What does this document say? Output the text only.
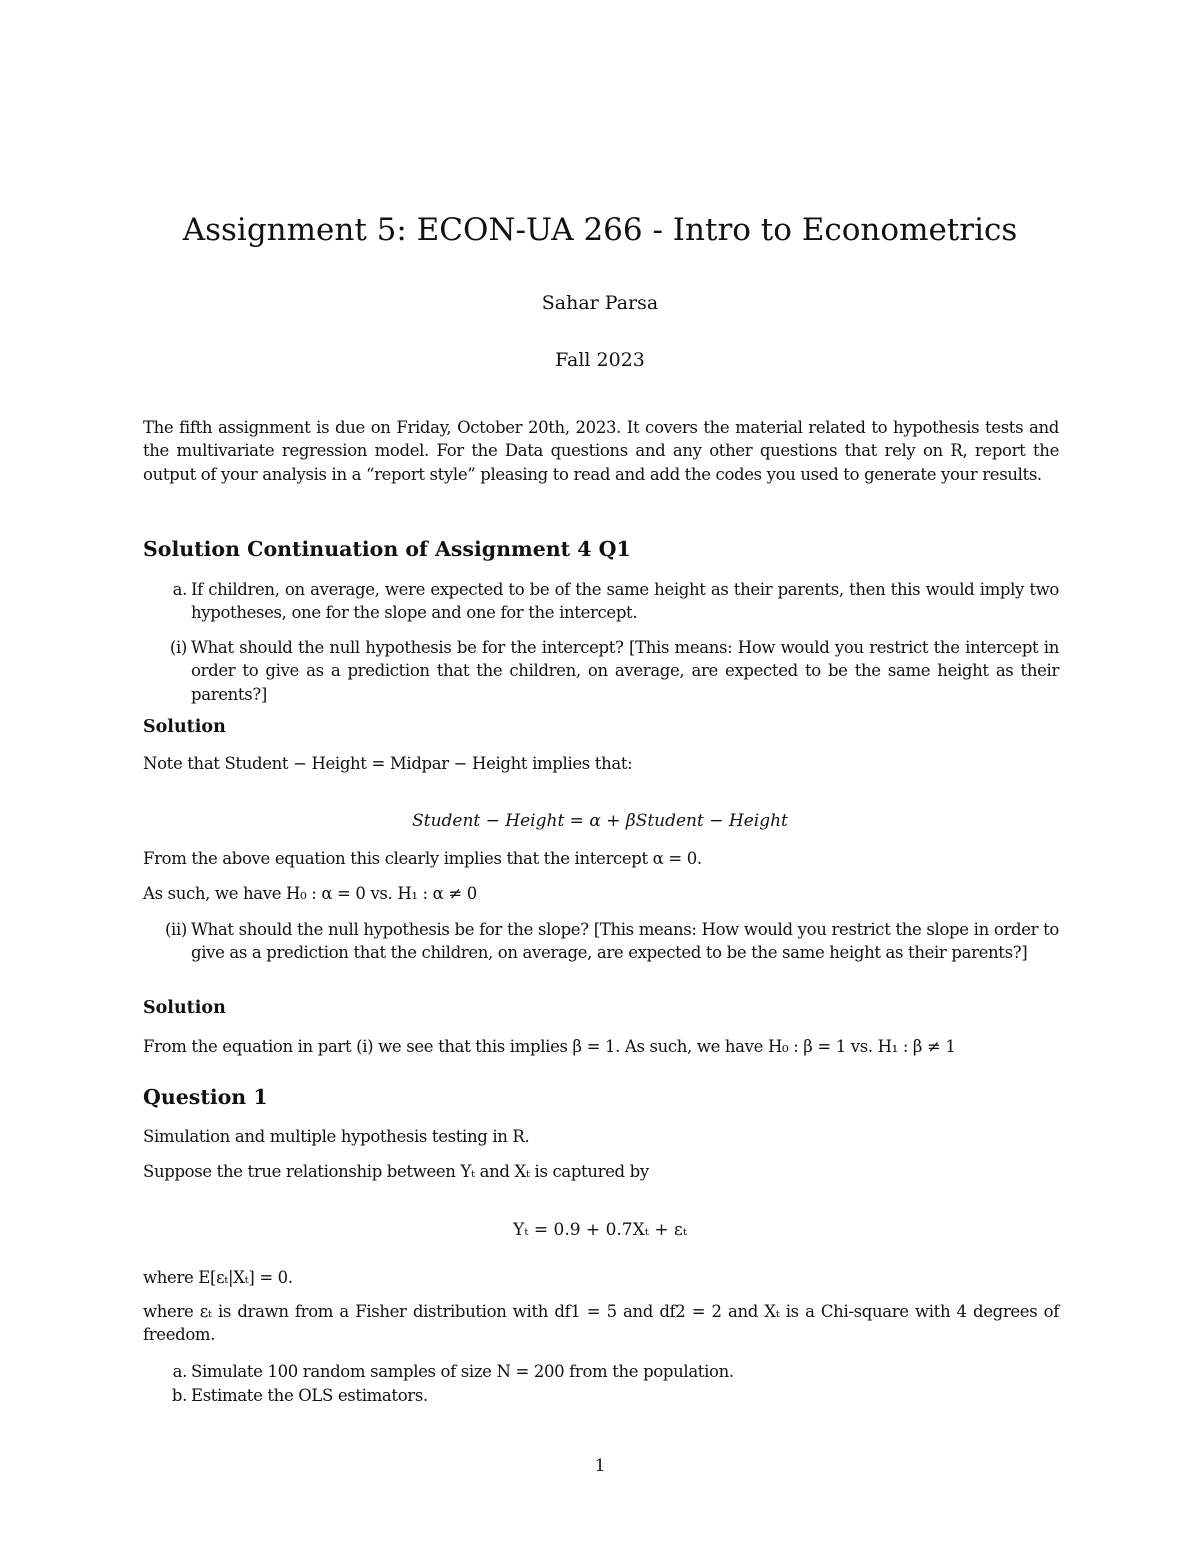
Assignment 5: ECON-UA 266 - Intro to Econometrics
Sahar Parsa
Fall 2023

The fifth assignment is due on Friday, October 20th, 2023. It covers the material related to hypothesis tests and the multivariate regression model. For the Data questions and any other questions that rely on R, report the output of your analysis in a “report style” pleasing to read and add the codes you used to generate your results.

Solution Continuation of Assignment 4 Q1
a. If children, on average, were expected to be of the same height as their parents, then this would imply two hypotheses, one for the slope and one for the intercept.
(i) What should the null hypothesis be for the intercept? [This means: How would you restrict the intercept in order to give as a prediction that the children, on average, are expected to be the same height as their parents?]
Solution

Note that Student − Height = Midpar − Height implies that:

Student − Height = α + βStudent − Height

From the above equation this clearly implies that the intercept α = 0.

As such, we have H₀ : α = 0 vs. H₁ : α ≠ 0

(ii) What should the null hypothesis be for the slope? [This means: How would you restrict the slope in order to give as a prediction that the children, on average, are expected to be the same height as their parents?]
Solution

From the equation in part (i) we see that this implies β = 1. As such, we have H₀ : β = 1 vs. H₁ : β ≠ 1

Question 1

Simulation and multiple hypothesis testing in R.

Suppose the true relationship between Yₜ and Xₜ is captured by

Yₜ = 0.9 + 0.7Xₜ + εₜ

where E[εₜ|Xₜ] = 0.

where εₜ is drawn from a Fisher distribution with df1 = 5 and df2 = 2 and Xₜ is a Chi-square with 4 degrees of freedom.

a. Simulate 100 random samples of size N = 200 from the population.
b. Estimate the OLS estimators.
1
